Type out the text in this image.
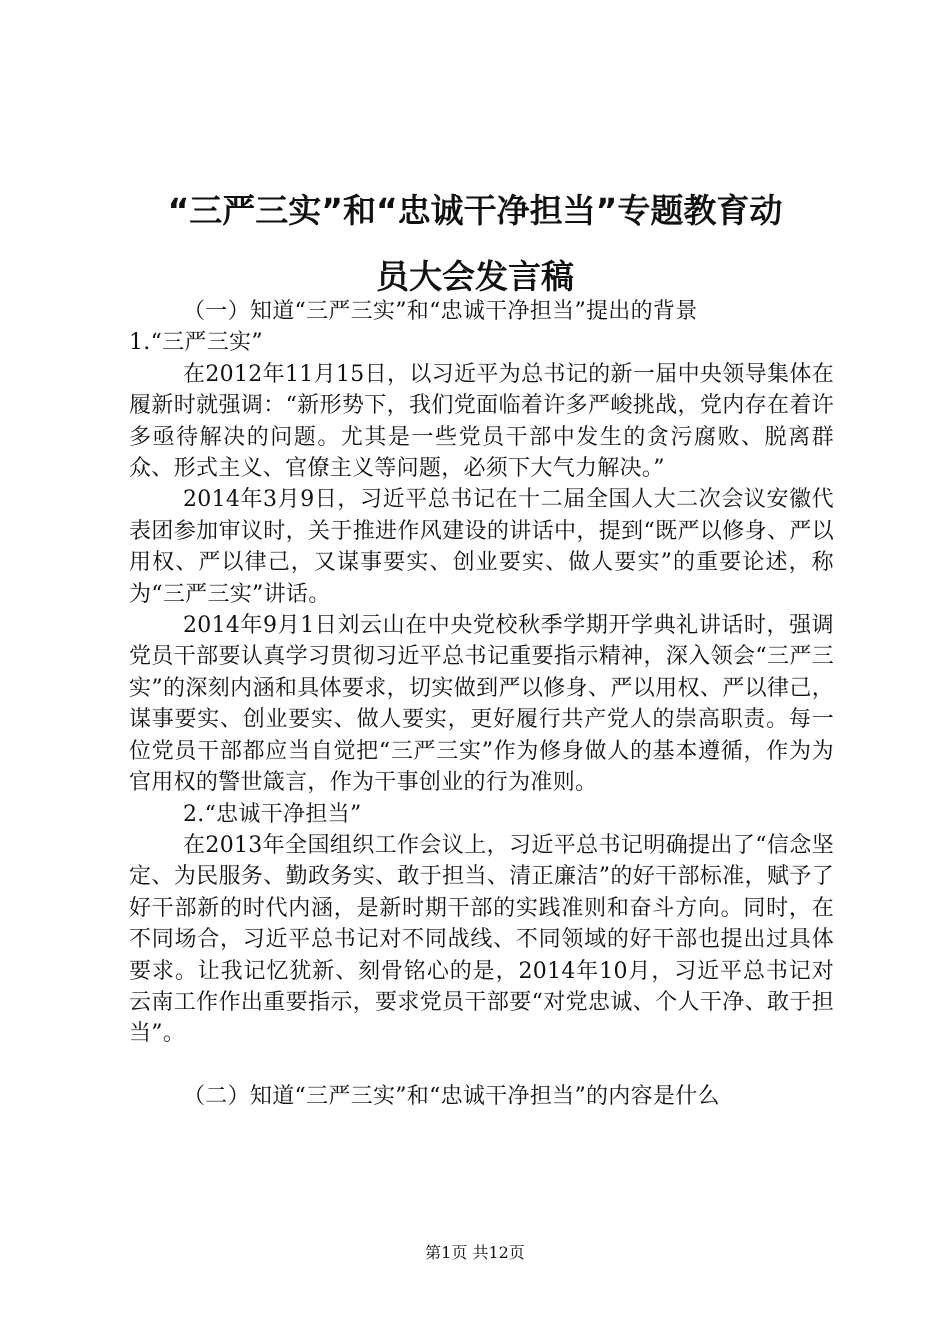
“三严三实”和“忠诚干净担当”专题教育动
员大会发言稿

（一）知道“三严三实”和“忠诚干净担当”提出的背景

1.“三严三实”

在2012年11月15日，以习近平为总书记的新一届中央领导集体在履新时就强调：“新形势下，我们党面临着许多严峻挑战，党内存在着许多亟待解决的问题。尤其是一些党员干部中发生的贪污腐败、脱离群众、形式主义、官僚主义等问题，必须下大气力解决。”

2014年3月9日，习近平总书记在十二届全国人大二次会议安徽代表团参加审议时，关于推进作风建设的讲话中，提到“既严以修身、严以用权、严以律己，又谋事要实、创业要实、做人要实”的重要论述，称为“三严三实”讲话。

2014年9月1日刘云山在中央党校秋季学期开学典礼讲话时，强调党员干部要认真学习贯彻习近平总书记重要指示精神，深入领会“三严三实”的深刻内涵和具体要求，切实做到严以修身、严以用权、严以律己，谋事要实、创业要实、做人要实，更好履行共产党人的崇高职责。每一位党员干部都应当自觉把“三严三实”作为修身做人的基本遵循，作为为官用权的警世箴言，作为干事创业的行为准则。

2.“忠诚干净担当”

在2013年全国组织工作会议上，习近平总书记明确提出了“信念坚定、为民服务、勤政务实、敢于担当、清正廉洁”的好干部标准，赋予了好干部新的时代内涵，是新时期干部的实践准则和奋斗方向。同时，在不同场合，习近平总书记对不同战线、不同领域的好干部也提出过具体要求。让我记忆犹新、刻骨铭心的是，2014年10月，习近平总书记对云南工作作出重要指示，要求党员干部要“对党忠诚、个人干净、敢于担当”。

（二）知道“三严三实”和“忠诚干净担当”的内容是什么

第1页 共12页
